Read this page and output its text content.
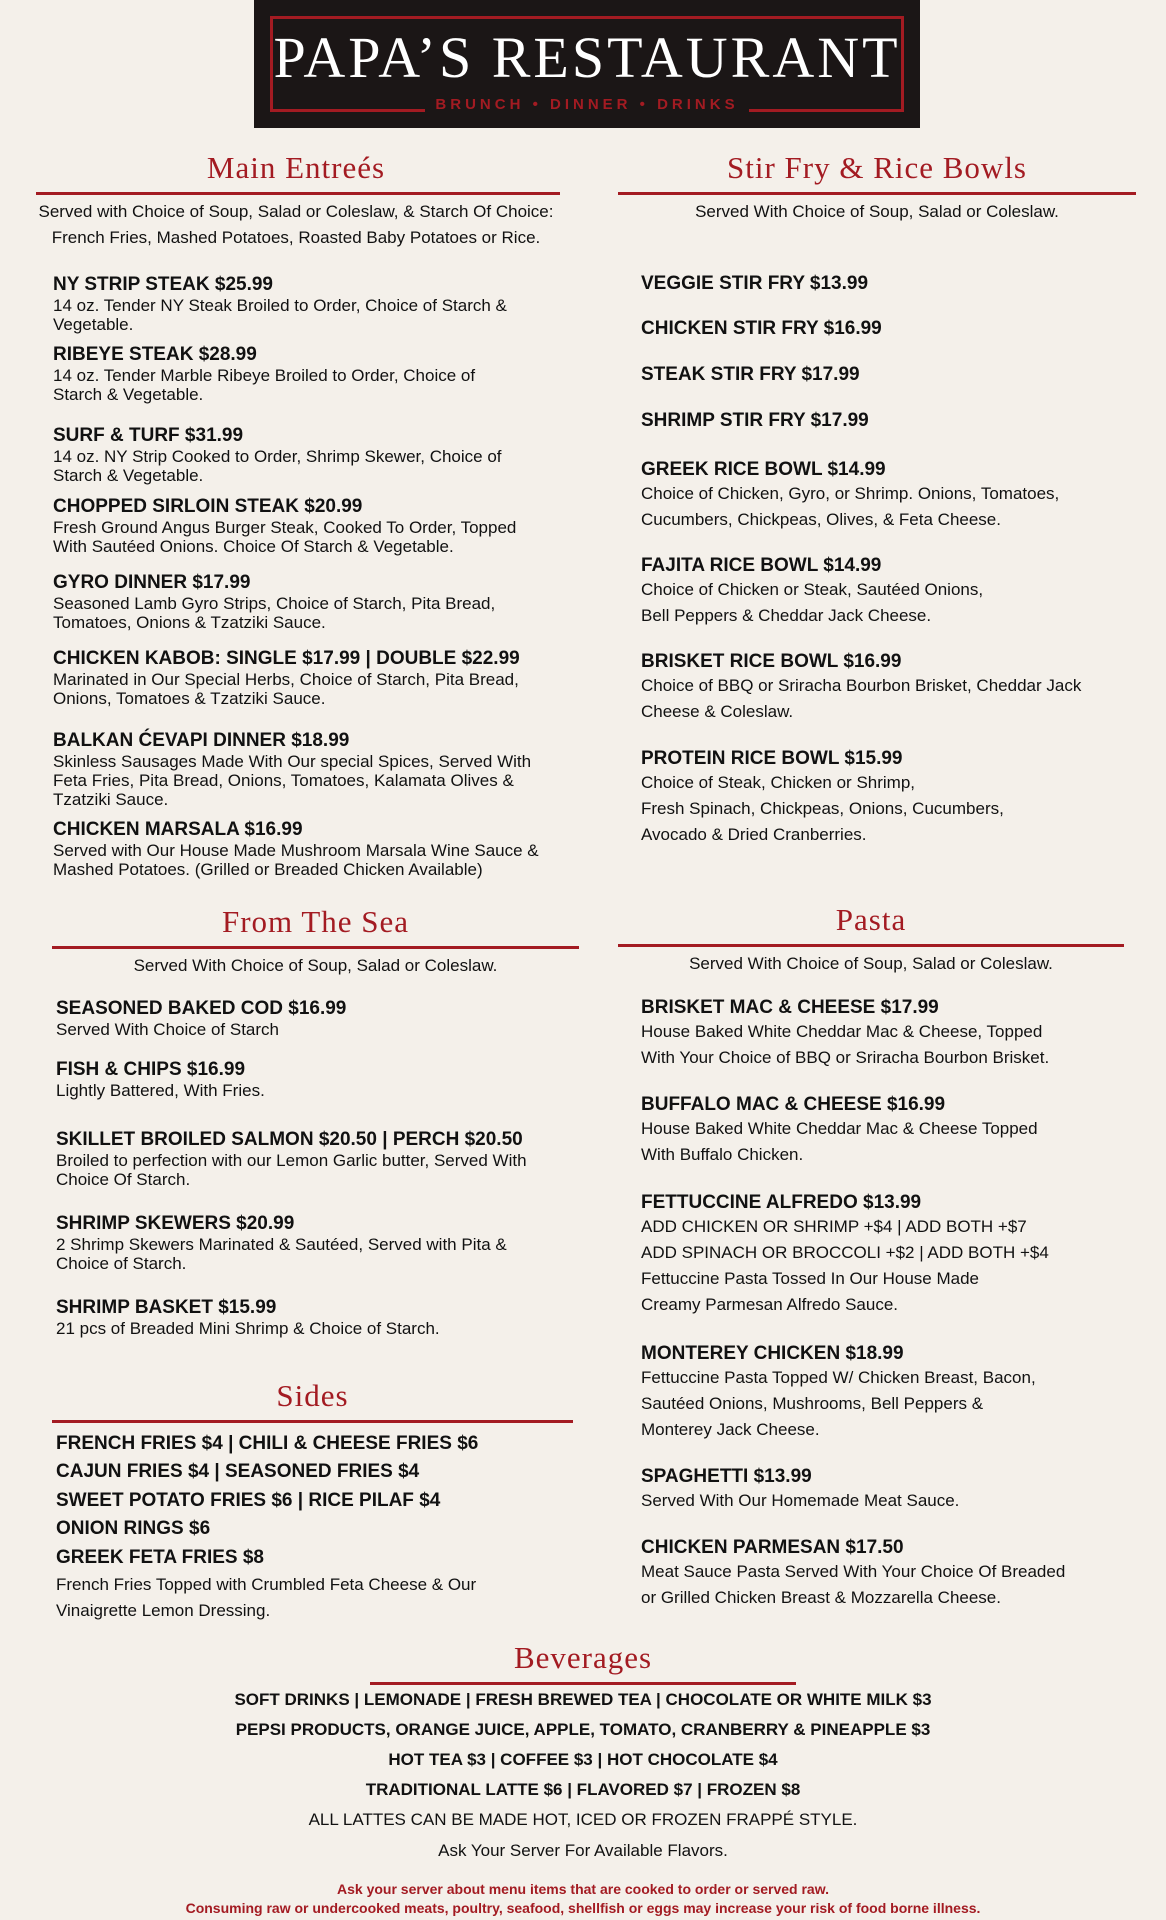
PAPA’S RESTAURANT
BRUNCH • DINNER • DRINKS
Main Entreés
Served with Choice of Soup, Salad or Coleslaw, & Starch Of Choice:
French Fries, Mashed Potatoes, Roasted Baby Potatoes or Rice.
NY STRIP STEAK $25.99
14 oz. Tender NY Steak Broiled to Order, Choice of Starch &
Vegetable.
RIBEYE STEAK $28.99
14 oz. Tender Marble Ribeye Broiled to Order, Choice of
Starch & Vegetable.
SURF & TURF $31.99
14 oz. NY Strip Cooked to Order, Shrimp Skewer, Choice of
Starch & Vegetable.
CHOPPED SIRLOIN STEAK $20.99
Fresh Ground Angus Burger Steak, Cooked To Order, Topped
With Sautéed Onions. Choice Of Starch & Vegetable.
GYRO DINNER $17.99
Seasoned Lamb Gyro Strips, Choice of Starch, Pita Bread,
Tomatoes, Onions & Tzatziki Sauce.
CHICKEN KABOB: SINGLE $17.99 | DOUBLE $22.99
Marinated in Our Special Herbs, Choice of Starch, Pita Bread,
Onions, Tomatoes & Tzatziki Sauce.
BALKAN ĆEVAPI DINNER $18.99
Skinless Sausages Made With Our special Spices, Served With
Feta Fries, Pita Bread, Onions, Tomatoes, Kalamata Olives &
Tzatziki Sauce.
CHICKEN MARSALA $16.99
Served with Our House Made Mushroom Marsala Wine Sauce &
Mashed Potatoes. (Grilled or Breaded Chicken Available)
Stir Fry & Rice Bowls
Served With Choice of Soup, Salad or Coleslaw.
VEGGIE STIR FRY $13.99
CHICKEN STIR FRY $16.99
STEAK STIR FRY $17.99
SHRIMP STIR FRY $17.99
GREEK RICE BOWL $14.99
Choice of Chicken, Gyro, or Shrimp. Onions, Tomatoes,
Cucumbers, Chickpeas, Olives, & Feta Cheese.
FAJITA RICE BOWL $14.99
Choice of Chicken or Steak, Sautéed Onions,
Bell Peppers & Cheddar Jack Cheese.
BRISKET RICE BOWL $16.99
Choice of BBQ or Sriracha Bourbon Brisket, Cheddar Jack
Cheese & Coleslaw.
PROTEIN RICE BOWL $15.99
Choice of Steak, Chicken or Shrimp,
Fresh Spinach, Chickpeas, Onions, Cucumbers,
Avocado & Dried Cranberries.
From The Sea
Served With Choice of Soup, Salad or Coleslaw.
SEASONED BAKED COD $16.99
Served With Choice of Starch
FISH & CHIPS $16.99
Lightly Battered, With Fries.
SKILLET BROILED SALMON $20.50 | PERCH $20.50
Broiled to perfection with our Lemon Garlic butter, Served With
Choice Of Starch.
SHRIMP SKEWERS $20.99
2 Shrimp Skewers Marinated & Sautéed, Served with Pita &
Choice of Starch.
SHRIMP BASKET $15.99
21 pcs of Breaded Mini Shrimp & Choice of Starch.
Pasta
Served With Choice of Soup, Salad or Coleslaw.
BRISKET MAC & CHEESE $17.99
House Baked White Cheddar Mac & Cheese, Topped
With Your Choice of BBQ or Sriracha Bourbon Brisket.
BUFFALO MAC & CHEESE $16.99
House Baked White Cheddar Mac & Cheese Topped
With Buffalo Chicken.
FETTUCCINE ALFREDO $13.99
ADD CHICKEN OR SHRIMP +$4 | ADD BOTH +$7
ADD SPINACH OR BROCCOLI +$2 | ADD BOTH +$4
Fettuccine Pasta Tossed In Our House Made
Creamy Parmesan Alfredo Sauce.
MONTEREY CHICKEN $18.99
Fettuccine Pasta Topped W/ Chicken Breast, Bacon,
Sautéed Onions, Mushrooms, Bell Peppers &
Monterey Jack Cheese.
SPAGHETTI $13.99
Served With Our Homemade Meat Sauce.
CHICKEN PARMESAN $17.50
Meat Sauce Pasta Served With Your Choice Of Breaded
or Grilled Chicken Breast & Mozzarella Cheese.
Sides
FRENCH FRIES $4 | CHILI & CHEESE FRIES $6
CAJUN FRIES $4 | SEASONED FRIES $4
SWEET POTATO FRIES $6 | RICE PILAF $4
ONION RINGS $6
GREEK FETA FRIES $8
French Fries Topped with Crumbled Feta Cheese & Our
Vinaigrette Lemon Dressing.
Beverages
SOFT DRINKS | LEMONADE | FRESH BREWED TEA | CHOCOLATE OR WHITE MILK $3
PEPSI PRODUCTS, ORANGE JUICE, APPLE, TOMATO, CRANBERRY & PINEAPPLE $3
HOT TEA $3 | COFFEE $3 | HOT CHOCOLATE $4
TRADITIONAL LATTE $6 | FLAVORED $7 | FROZEN $8
ALL LATTES CAN BE MADE HOT, ICED OR FROZEN FRAPPÉ STYLE.
Ask Your Server For Available Flavors.
Ask your server about menu items that are cooked to order or served raw.
Consuming raw or undercooked meats, poultry, seafood, shellfish or eggs may increase your risk of food borne illness.
